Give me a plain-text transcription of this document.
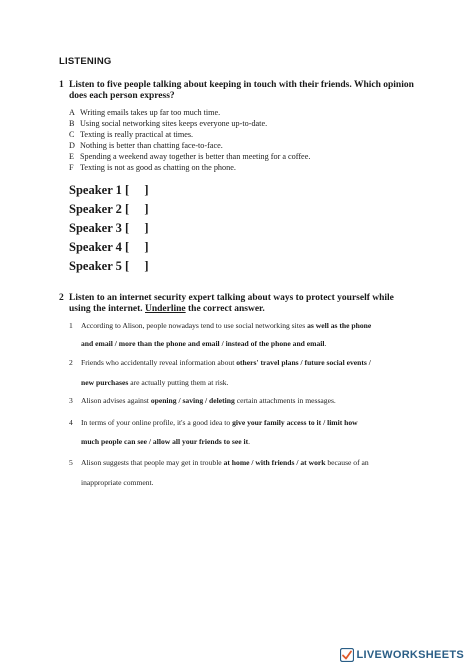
LISTENING
1 Listen to five people talking about keeping in touch with their friends. Which opinion
does each person express?
A Writing emails takes up far too much time.
B Using social networking sites keeps everyone up-to-date.
C Texting is really practical at times.
D Nothing is better than chatting face-to-face.
E Spending a weekend away together is better than meeting for a coffee.
F Texting is not as good as chatting on the phone.
Speaker 1 [ ]
Speaker 2 [ ]
Speaker 3 [ ]
Speaker 4 [ ]
Speaker 5 [ ]
2 Listen to an internet security expert talking about ways to protect yourself while
using the internet. Underline the correct answer.
1 According to Alison, people nowadays tend to use social networking sites as well as the phone
and email / more than the phone and email / instead of the phone and email.
2 Friends who accidentally reveal information about others' travel plans / future social events /
new purchases are actually putting them at risk.
3 Alison advises against opening / saving / deleting certain attachments in messages.
4 In terms of your online profile, it's a good idea to give your family access to it / limit how
much people can see / allow all your friends to see it.
5 Alison suggests that people may get in trouble at home / with friends / at work because of an
inappropriate comment.
LIVEWORKSHEETS
